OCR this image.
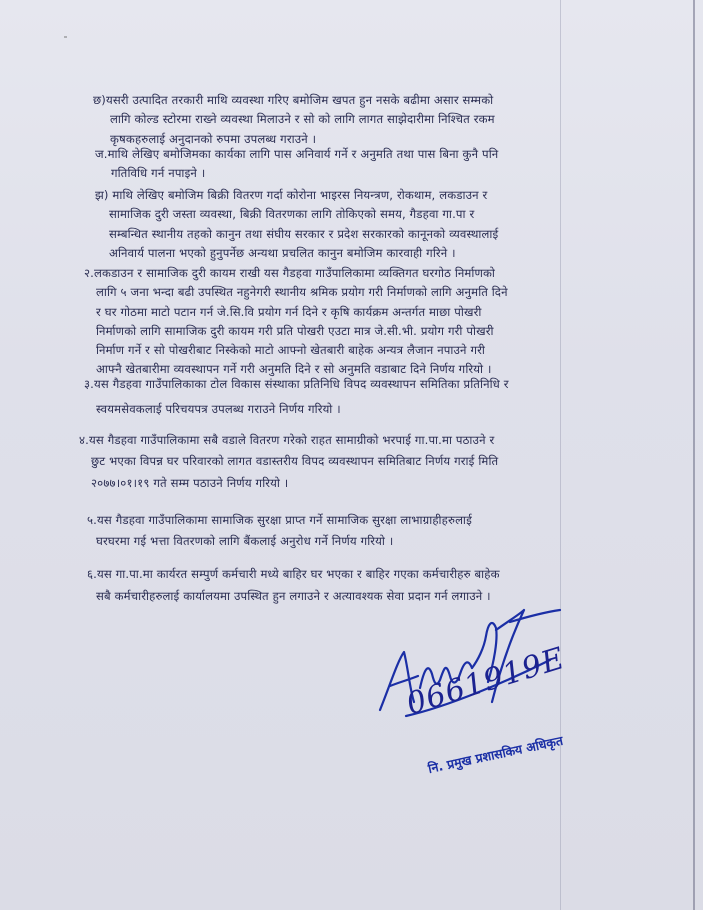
छ)यसरी उत्पादित तरकारी माथि व्यवस्था गरिए बमोजिम खपत हुन नसके बढीमा असार सम्मको
लागि कोल्ड स्टोरमा राख्ने व्यवस्था मिलाउने र सो को लागि लागत साझेदारीमा निश्चित रकम
कृषकहरुलाई अनुदानको रुपमा उपलब्ध गराउने ।
ज.माथि लेखिए बमोजिमका कार्यका लागि पास अनिवार्य गर्ने र अनुमति तथा पास बिना कुनै पनि
गतिविधि गर्न नपाइने ।
झ) माथि लेखिए बमोजिम बिक्री वितरण गर्दा कोरोना भाइरस नियन्त्रण, रोकथाम, लकडाउन र
सामाजिक दुरी जस्ता व्यवस्था, बिक्री वितरणका लागि तोकिएको समय, गैडहवा गा.पा र
सम्बन्धित स्थानीय तहको कानुन तथा संघीय सरकार र प्रदेश सरकारको कानूनको व्यवस्थालाई
अनिवार्य पालना भएको हुनुपर्नेछ अन्यथा प्रचलित कानुन बमोजिम कारवाही गरिने ।
२.लकडाउन र सामाजिक दुरी कायम राखी यस गैडहवा गाउँपालिकामा व्यक्तिगत घरगोठ निर्माणको
लागि ५ जना भन्दा बढी उपस्थित नहुनेगरी स्थानीय श्रमिक प्रयोग गरी निर्माणको लागि अनुमति दिने
र घर गोठमा माटो पटान गर्न जे.सि.वि प्रयोग गर्न दिने र कृषि कार्यक्रम अन्तर्गत माछा पोखरी
निर्माणको लागि सामाजिक दुरी कायम गरी प्रति पोखरी एउटा मात्र जे.सी.भी. प्रयोग गरी पोखरी
निर्माण गर्ने र सो पोखरीबाट निस्केको माटो आफ्नो खेतबारी बाहेक अन्यत्र लैजान नपाउने गरी
आफ्नै खेतबारीमा व्यवस्थापन गर्ने गरी अनुमति दिने र सो अनुमति वडाबाट दिने निर्णय गरियो ।
३.यस गैडहवा गाउँपालिकाका टोल विकास संस्थाका प्रतिनिधि विपद व्यवस्थापन समितिका प्रतिनिधि र
स्वयमसेवकलाई परिचयपत्र उपलब्ध गराउने निर्णय गरियो ।
४.यस गैडहवा गाउँपालिकामा सबै वडाले वितरण गरेको राहत सामाग्रीको भरपाई गा.पा.मा पठाउने र
छुट भएका विपन्न घर परिवारको लागत वडास्तरीय विपद व्यवस्थापन समितिबाट निर्णय गराई मिति
२०७७।०१।१९ गते सम्म पठाउने निर्णय गरियो ।
५.यस गैडहवा गाउँपालिकामा सामाजिक सुरक्षा प्राप्त गर्ने सामाजिक सुरक्षा लाभाग्राहीहरुलाई
घरघरमा गई भत्ता वितरणको लागि बैंकलाई अनुरोध गर्ने निर्णय गरियो ।
६.यस गा.पा.मा कार्यरत सम्पुर्ण कर्मचारी मध्ये बाहिर घर भएका र बाहिर गएका कर्मचारीहरु बाहेक
सबै कर्मचारीहरुलाई कार्यालयमा उपस्थित हुन लगाउने र अत्यावश्यक सेवा प्रदान गर्न लगाउने ।
0661919E
नि. प्रमुख प्रशासकिय अधिकृत
